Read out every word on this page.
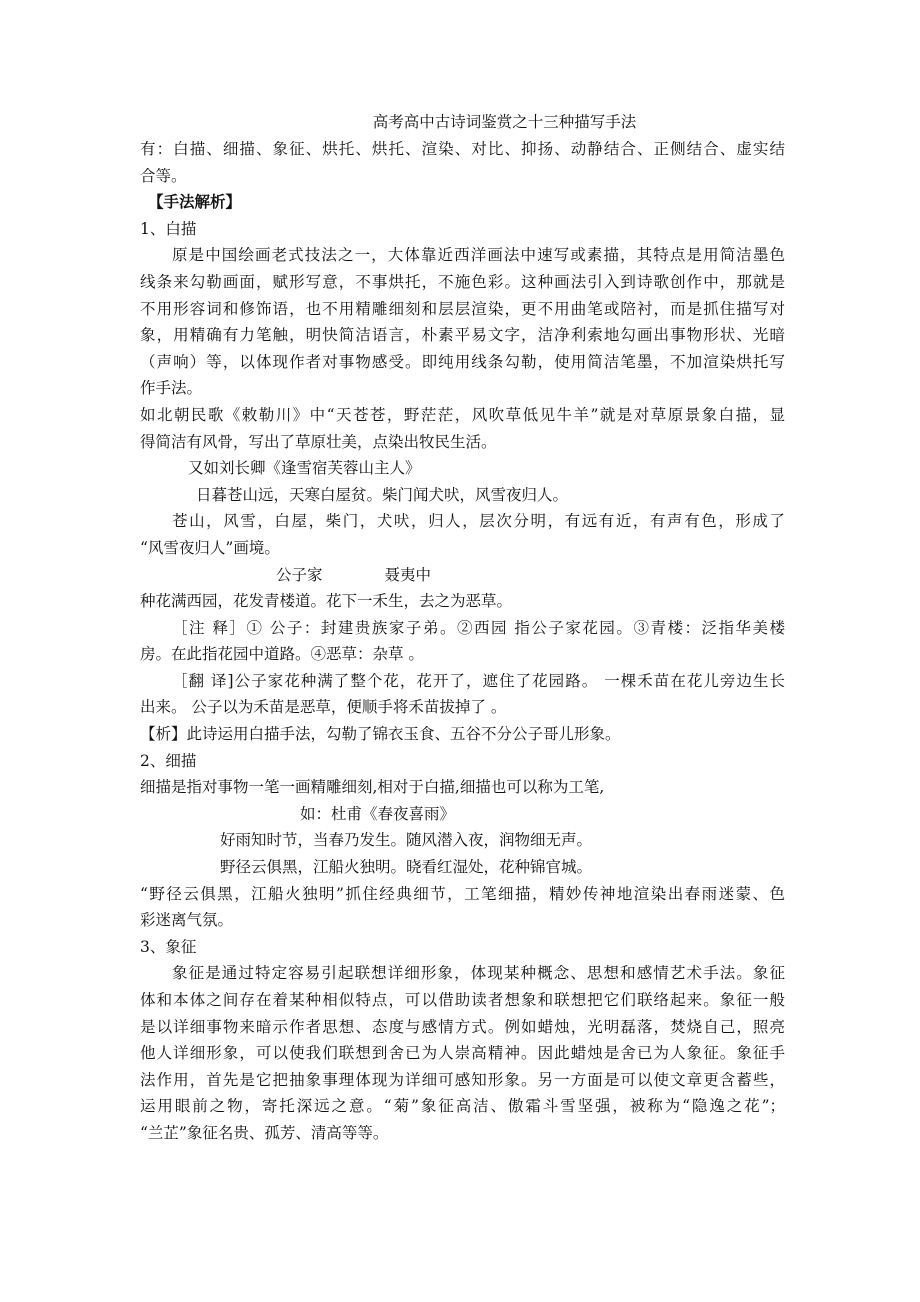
高考高中古诗词鉴赏之十三种描写手法
有：白描、细描、象征、烘托、烘托、渲染、对比、抑扬、动静结合、正侧结合、虚实结
合等。
【手法解析】
1、白描
原是中国绘画老式技法之一，大体靠近西洋画法中速写或素描，其特点是用简洁墨色
线条来勾勒画面，赋形写意，不事烘托，不施色彩。这种画法引入到诗歌创作中，那就是
不用形容词和修饰语，也不用精雕细刻和层层渲染，更不用曲笔或陪衬，而是抓住描写对
象，用精确有力笔触，明快简洁语言，朴素平易文字，洁净利索地勾画出事物形状、光暗
（声响）等，以体现作者对事物感受。即纯用线条勾勒，使用简洁笔墨，不加渲染烘托写
作手法。
如北朝民歌《敕勒川》中“天苍苍，野茫茫，风吹草低见牛羊”就是对草原景象白描，显
得简洁有风骨，写出了草原壮美，点染出牧民生活。
又如刘长卿《逢雪宿芙蓉山主人》
日暮苍山远，天寒白屋贫。柴门闻犬吠，风雪夜归人。
苍山，风雪，白屋，柴门，犬吠，归人，层次分明，有远有近，有声有色，形成了
“风雪夜归人”画境。
公子家	聂夷中
种花满西园，花发青楼道。花下一禾生，去之为恶草。
［注 释］① 公子：封建贵族家子弟。②西园 指公子家花园。③青楼：泛指华美楼
房。在此指花园中道路。④恶草：杂草 。
［翻 译]公子家花种满了整个花，花开了，遮住了花园路。 一棵禾苗在花儿旁边生长
出来。 公子以为禾苗是恶草，便顺手将禾苗拔掉了 。
【析】此诗运用白描手法，勾勒了锦衣玉食、五谷不分公子哥儿形象。
2、细描
细描是指对事物一笔一画精雕细刻,相对于白描,细描也可以称为工笔,
如：杜甫《春夜喜雨》
好雨知时节，当春乃发生。随风潜入夜，润物细无声。
野径云俱黑，江船火独明。晓看红湿处，花种锦官城。
“野径云俱黑，江船火独明”抓住经典细节，工笔细描，精妙传神地渲染出春雨迷蒙、色
彩迷离气氛。
3、象征
象征是通过特定容易引起联想详细形象，体现某种概念、思想和感情艺术手法。象征
体和本体之间存在着某种相似特点，可以借助读者想象和联想把它们联络起来。象征一般
是以详细事物来暗示作者思想、态度与感情方式。例如蜡烛，光明磊落，焚烧自己，照亮
他人详细形象，可以使我们联想到舍已为人崇高精神。因此蜡烛是舍已为人象征。象征手
法作用，首先是它把抽象事理体现为详细可感知形象。另一方面是可以使文章更含蓄些，
运用眼前之物，寄托深远之意。“菊”象征高洁、傲霜斗雪坚强，被称为“隐逸之花”；
“兰芷”象征名贵、孤芳、清高等等。
